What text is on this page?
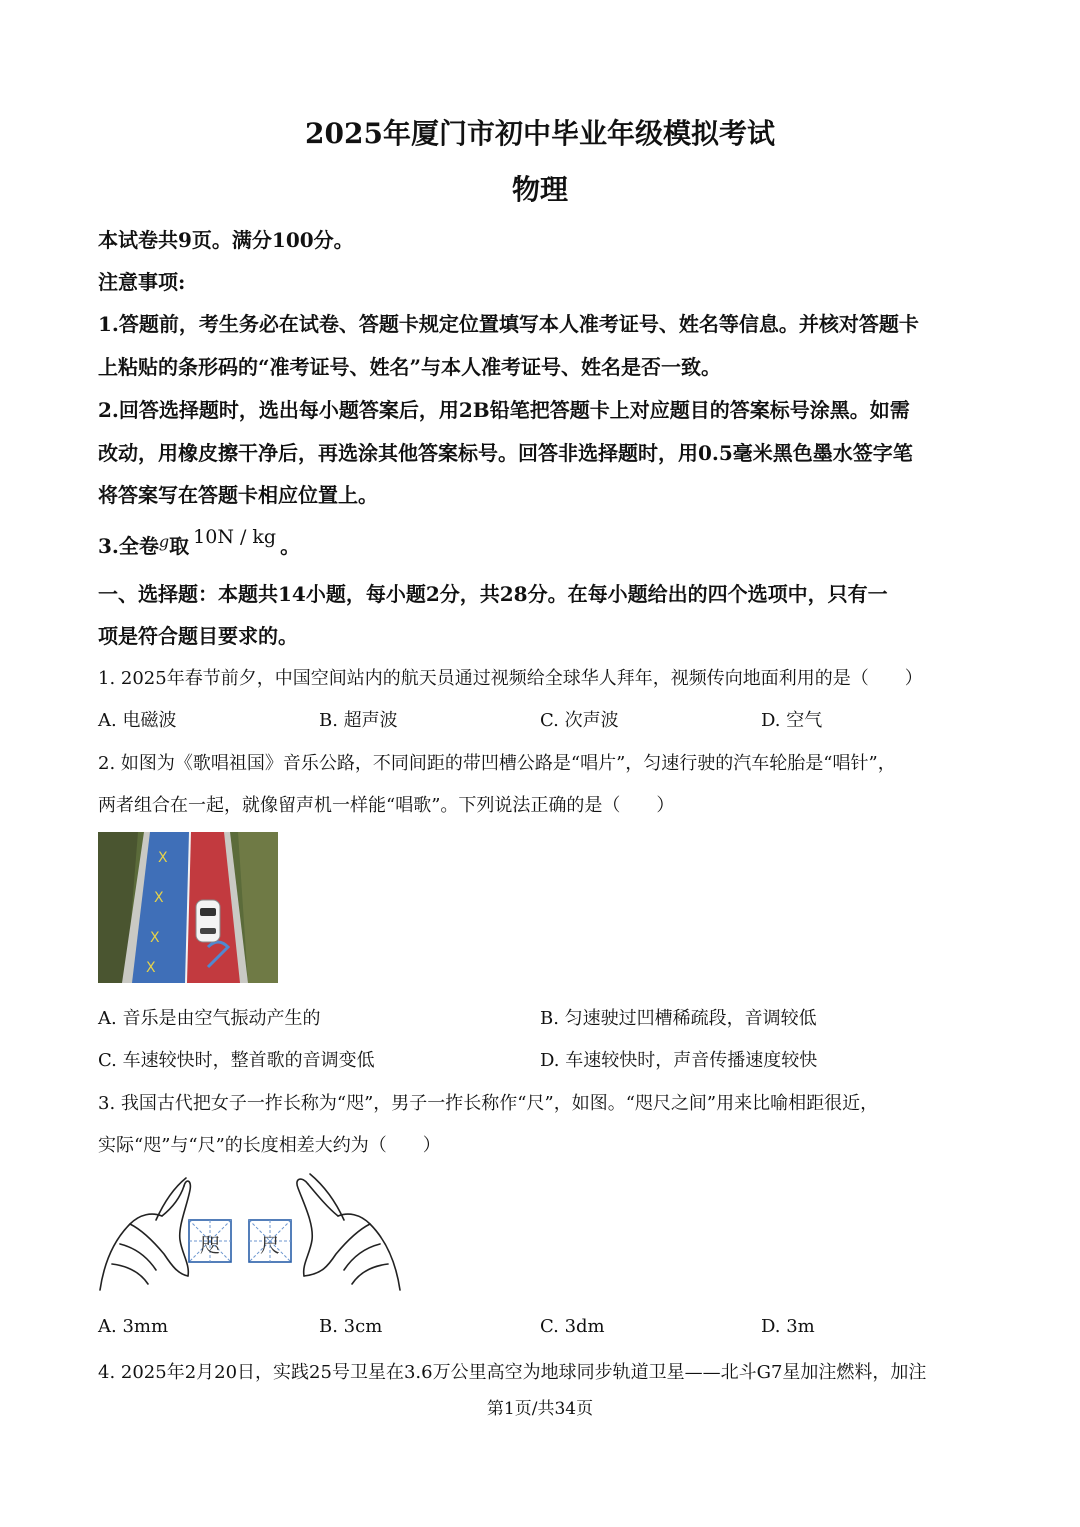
2025年厦门市初中毕业年级模拟考试
物理
本试卷共9页。满分100分。
注意事项:
1.答题前，考生务必在试卷、答题卡规定位置填写本人准考证号、姓名等信息。并核对答题卡
上粘贴的条形码的“准考证号、姓名”与本人准考证号、姓名是否一致。
2.回答选择题时，选出每小题答案后，用2B铅笔把答题卡上对应题目的答案标号涂黑。如需
改动，用橡皮擦干净后，再选涂其他答案标号。回答非选择题时，用0.5毫米黑色墨水签字笔
将答案写在答题卡相应位置上。
3.全卷$^g$取 10N / kg 。
一、选择题：本题共14小题，每小题2分，共28分。在每小题给出的四个选项中，只有一
项是符合题目要求的。
1. 2025年春节前夕，中国空间站内的航天员通过视频给全球华人拜年，视频传向地面利用的是（　　）
A. 电磁波	B. 超声波	C. 次声波	D. 空气
2. 如图为《歌唱祖国》音乐公路，不同间距的带凹槽公路是“唱片”，匀速行驶的汽车轮胎是“唱针”，
两者组合在一起，就像留声机一样能“唱歌”。下列说法正确的是（　　）
X
X
X
X
A. 音乐是由空气振动产生的	B. 匀速驶过凹槽稀疏段，音调较低
C. 车速较快时，整首歌的音调变低	D. 车速较快时，声音传播速度较快
3. 我国古代把女子一拃长称为“咫”，男子一拃长称作“尺”，如图。“咫尺之间”用来比喻相距很近，
实际“咫”与“尺”的长度相差大约为（　　）
咫 尺
A. 3mm	B. 3cm	C. 3dm	D. 3m
4. 2025年2月20日，实践25号卫星在3.6万公里高空为地球同步轨道卫星——北斗G7星加注燃料，加注
第1页/共34页
